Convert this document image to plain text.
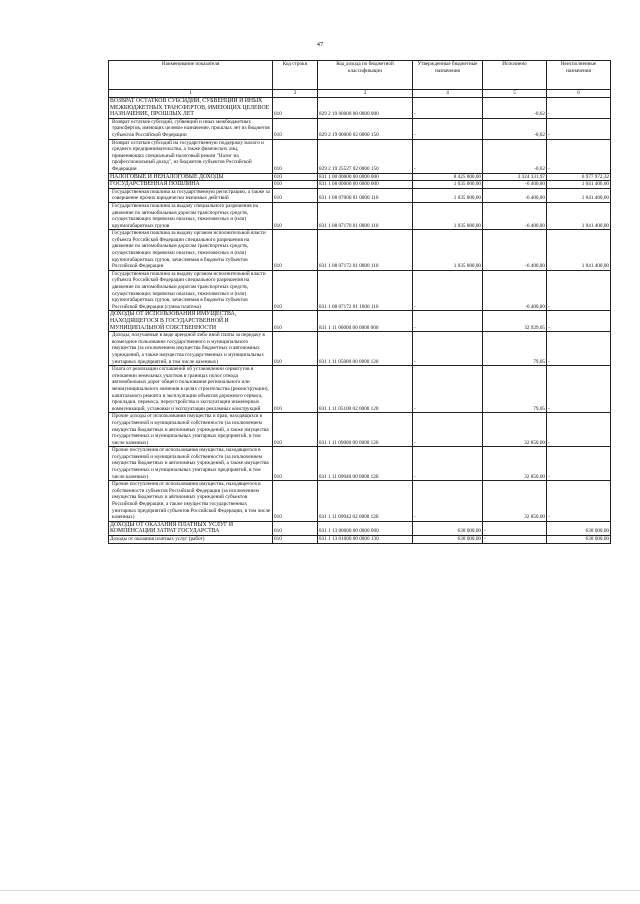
47
Наименование показателя	Код строки	Код дохода по бюджетной классификации	Утвержденные бюджетные назначения	Исполнено	Неисполненные назначения
1	2	3	4	5	6
ВОЗВРАТ ОСТАТКОВ СУБСИДИЙ, СУБВЕНЦИЙ И ИНЫХ МЕЖБЮДЖЕТНЫХ ТРАНСФЕРТОВ, ИМЕЮЩИХ ЦЕЛЕВОЕ НАЗНАЧЕНИЕ, ПРОШЛЫХ ЛЕТ	010	829 2 19 00000 00 0000 000	-	-0,62	-
Возврат остатков субсидий, субвенций и иных межбюджетных трансфертов, имеющих целевое назначение, прошлых лет из бюджетов субъектов Российской Федерации	010	829 2 19 00000 02 0000 150	-	-0,62	-
Возврат остатков субсидий на государственную поддержку малого и среднего предпринимательства, а также физических лиц, применяющих специальный налоговый режим "Налог на профессиональный доход", из бюджетов субъектов Российской Федерации	010	829 2 19 25527 02 0000 150	-	-0,62	-
НАЛОГОВЫЕ И НЕНАЛОГОВЫЕ ДОХОДЫ	010	831 1 00 00000 00 0000 000	8 425 000,00	3 324 331,97	6 977 972,32
ГОСУДАРСТВЕННАЯ ПОШЛИНА	010	831 1 08 00000 00 0000 000	1 035 000,00	-6 400,00	1 041 400,00
Государственная пошлина за государственную регистрацию, а также за совершение прочих юридически значимых действий	010	831 1 08 07000 01 0000 110	1 035 000,00	-6 400,00	1 041 400,00
Государственная пошлина за выдачу специального разрешения на движение по автомобильным дорогам транспортных средств, осуществляющих перевозки опасных, тяжеловесных и (или) крупногабаритных грузов	010	831 1 08 07170 01 0000 110	1 035 000,00	-6 400,00	1 041 400,00
Государственная пошлина за выдачу органом исполнительной власти субъекта Российской Федерации специального разрешения на движение по автомобильным дорогам транспортных средств, осуществляющих перевозки опасных, тяжеловесных и (или) крупногабаритных грузов, зачисляемая в бюджеты субъектов Российской Федерации	010	831 1 08 07172 01 0000 110	1 035 000,00	-6 400,00	1 041 400,00
Государственная пошлина за выдачу органом исполнительной власти субъекта Российской Федерации специального разрешения на движение по автомобильным дорогам транспортных средств, осуществляющих перевозки опасных, тяжеловесных и (или) крупногабаритных грузов, зачисляемая в бюджеты субъектов Российской Федерации (сумма платежа)	010	831 1 08 07172 01 1000 110	-	-6 400,00	-
ДОХОДЫ ОТ ИСПОЛЬЗОВАНИЯ ИМУЩЕСТВА, НАХОДЯЩЕГОСЯ В ГОСУДАРСТВЕННОЙ И МУНИЦИПАЛЬНОЙ СОБСТВЕННОСТИ	010	831 1 11 00000 00 0000 000	-	32 929,05	-
Доходы, получаемые в виде арендной либо иной платы за передачу в возмездное пользование государственного и муниципального имущества (за исключением имущества бюджетных и автономных учреждений, а также имущества государственных и муниципальных унитарных предприятий, в том числе казенных)	010	831 1 11 05000 00 0000 120	-	79,05	-
Плата от реализации соглашений об установлении сервитутов в отношении земельных участков в границах полос отвода автомобильных дорог общего пользования регионального или межмуниципального значения в целях строительства (реконструкции), капитального ремонта и эксплуатации объектов дорожного сервиса, прокладки, переноса, переустройства и эксплуатации инженерных коммуникаций, установки и эксплуатации рекламных конструкций	010	831 1 11 05100 02 0000 120	-	79,05	-
Прочие доходы от использования имущества и прав, находящихся в государственной и муниципальной собственности (за исключением имущества бюджетных и автономных учреждений, а также имущества государственных и муниципальных унитарных предприятий, в том числе казенных)	010	831 1 11 09000 00 0000 120	-	32 850,00	-
Прочие поступления от использования имущества, находящегося в государственной и муниципальной собственности (за исключением имущества бюджетных и автономных учреждений, а также имущества государственных и муниципальных унитарных предприятий, в том числе казенных)	010	831 1 11 09040 00 0000 120	-	32 850,00	-
Прочие поступления от использования имущества, находящегося в собственности субъектов Российской Федерации (за исключением имущества бюджетных и автономных учреждений субъектов Российской Федерации, а также имущества государственных унитарных предприятий субъектов Российской Федерации, в том числе казенных)	010	831 1 11 09042 02 0000 120	-	32 850,00	-
ДОХОДЫ ОТ ОКАЗАНИЯ ПЛАТНЫХ УСЛУГ И КОМПЕНСАЦИИ ЗАТРАТ ГОСУДАРСТВА	010	831 1 13 00000 00 0000 000	638 000,00	-	638 000,00
Доходы от оказания платных услуг (работ)	010	831 1 13 01000 00 0000 130	638 000,00	-	638 000,00
